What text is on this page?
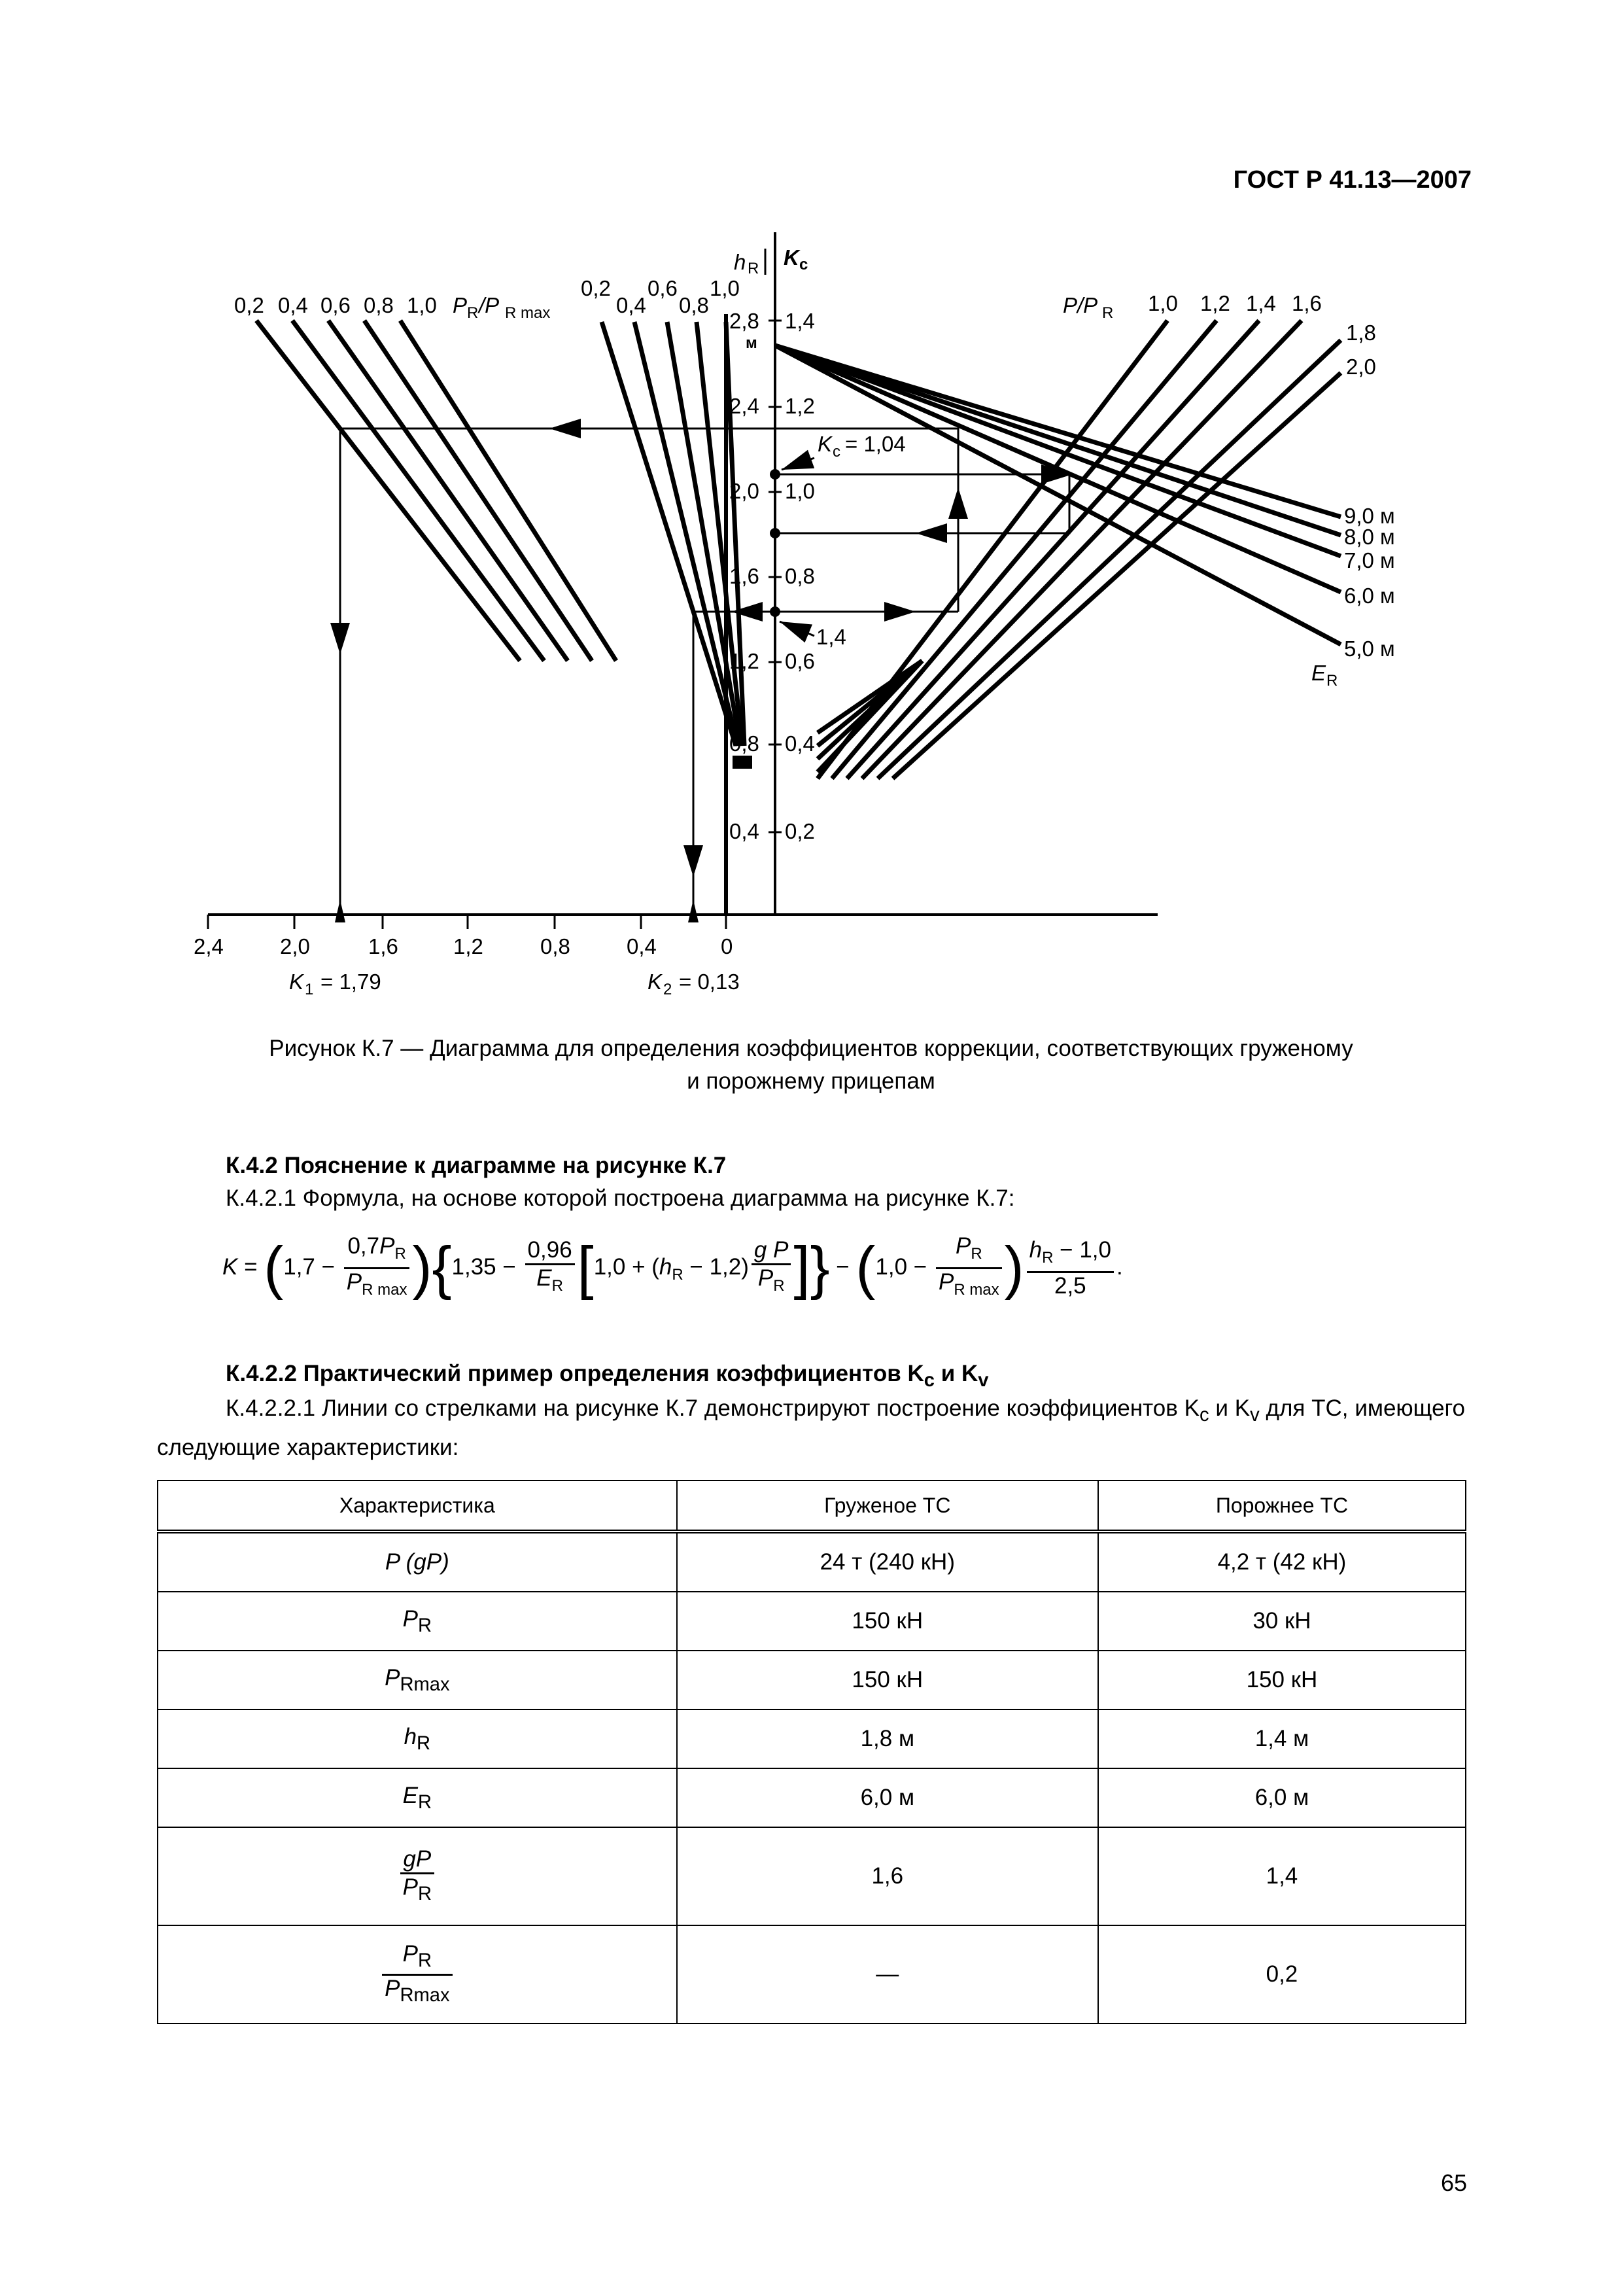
ГОСТ Р 41.13—2007
h R K c
2,8
м
2,4
2,0
1,6
1,2
0,8
0,4
1,4
1,2
1,0
0,8
0,6
0,4
0,2
0,2 0,4 0,6 0,8 1,0 P R /P R max
0,2
0,4
0,6
0,8
1,0
P/P R 1,0 1,2 1,4 1,6
1,8
2,0
9,0 м
8,0 м
7,0 м
6,0 м
5,0 м
E R
K c = 1,04
1,4
2,4	2,0	1,6	1,2	0,8	0,4	0
K 1 = 1,79	K 2 = 0,13
Рисунок К.7 — Диаграмма для определения коэффициентов коррекции, соответствующих груженому
и порожнему прицепам
К.4.2 Пояснение к диаграмме на рисунке К.7
К.4.2.1 Формула, на основе которой построена диаграмма на рисунке К.7:
$K = (1,7 - \frac{0,7P_R}{P_{R max}} )\{1,35 - \frac{0,96}{E_R} [1,0 + (h_R - 1,2) \frac{\text{g P}}{P_R}$ ]} − ($1,0 - \frac{P_R}{P_{R max}}$ ) $\frac{h_R - 1,0}{2,5}$ .
К.4.2.2 Практический пример определения коэффициентов $K_c$ и $K_v$
К.4.2.2.1 Линии со стрелками на рисунке К.7 демонстрируют построение коэффициентов $K_c$ и $K_v$ для ТС, имеющего следующие характеристики:
Характеристика	Груженое ТС	Порожнее ТС
P (gP)	24 т (240 кН)	4,2 т (42 кН)
$P_R$	150 кН	30 кН
$P_{Rmax}$	150 кН	150 кН
$h_R$	1,8 м	1,4 м
$E_R$	6,0 м	6,0 м

$\frac{gP}{P_R}$	1,6	1,4

$\frac{P_R}{P_{Rmax}}$	—	0,2
65
